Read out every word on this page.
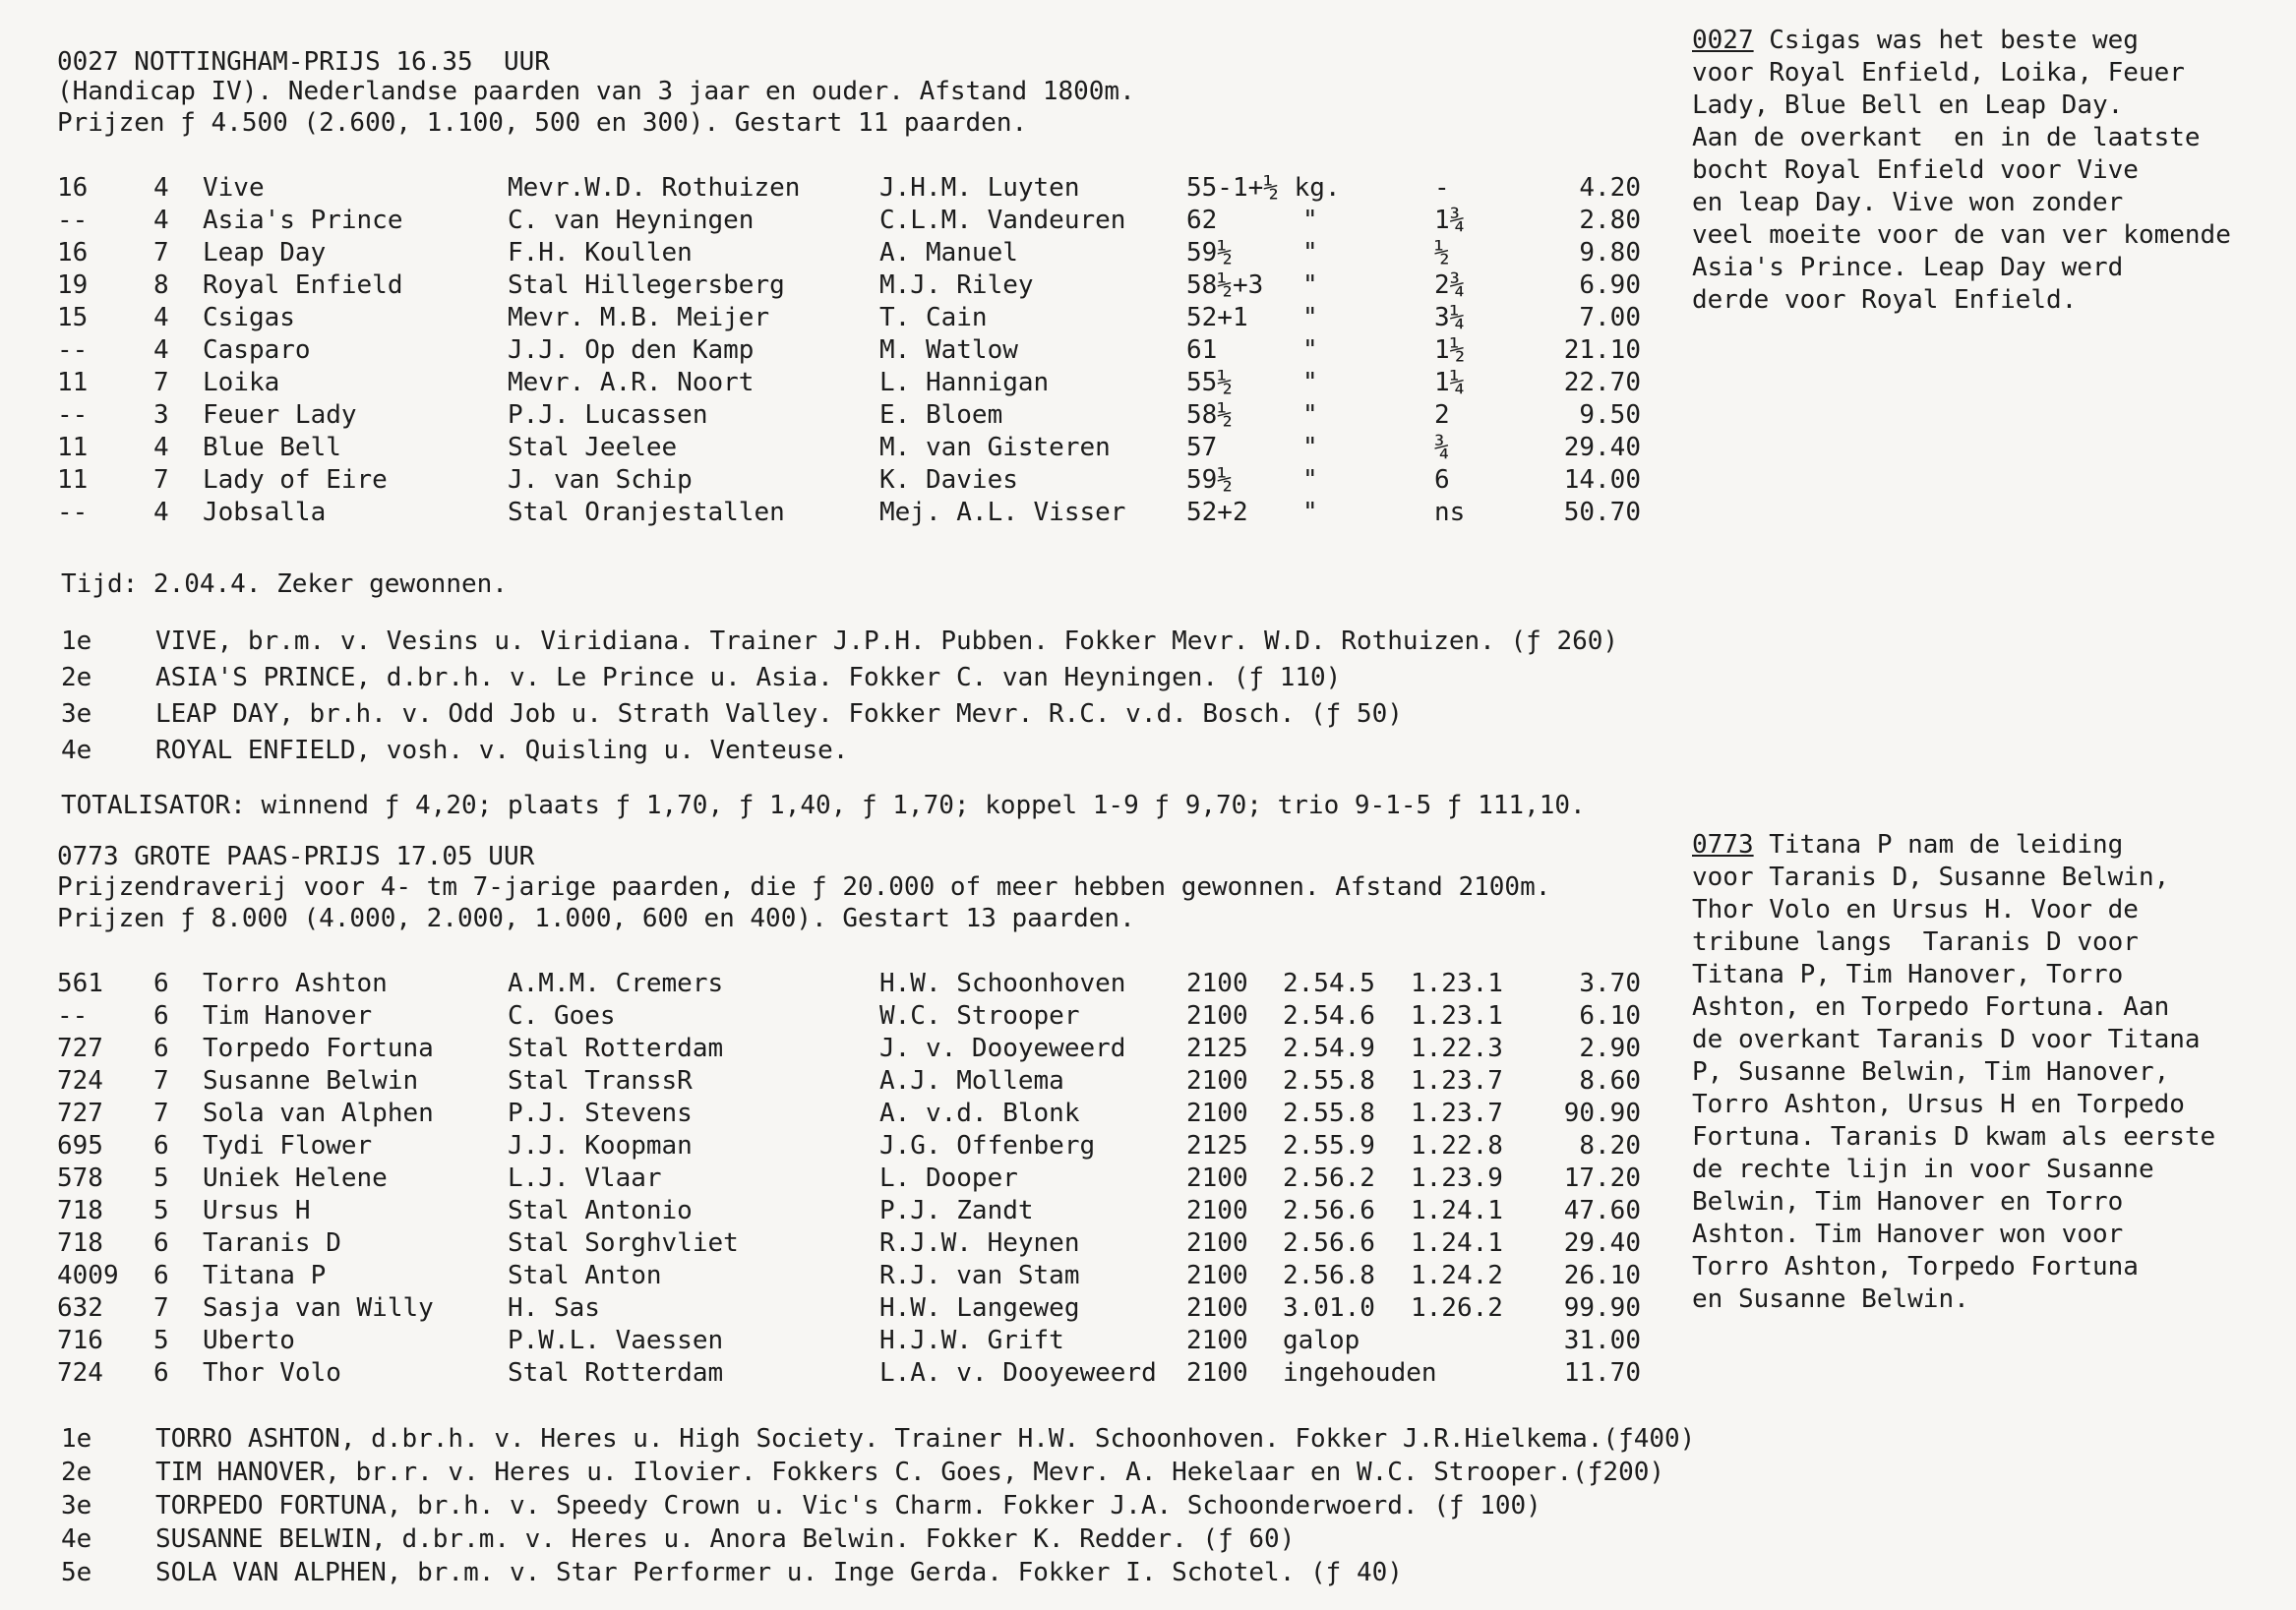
0027 NOTTINGHAM-PRIJS 16.35  UUR
(Handicap IV). Nederlandse paarden van 3 jaar en ouder. Afstand 1800m.
Prijzen ƒ 4.500 (2.600, 1.100, 500 en 300). Gestart 11 paarden.
16	4 Vive	Mevr.W.D. Rothuizen	J.H.M. Luyten	55-1+½ kg.	-	4.20
--	4 Asia's Prince	C. van Heyningen	C.L.M. Vandeuren 62	"	1¾	2.80
16	7 Leap Day	F.H. Koullen	A. Manuel	59½	"	½	9.80
19	8 Royal Enfield	Stal Hillegersberg	M.J. Riley	58½+3 "	2¾	6.90
15	4 Csigas	Mevr. M.B. Meijer	T. Cain	52+1 "	3¼	7.00
--	4 Casparo	J.J. Op den Kamp	M. Watlow	61	"	1½	21.10
11	7 Loika	Mevr. A.R. Noort	L. Hannigan	55½	"	1¼	22.70
--	3 Feuer Lady	P.J. Lucassen	E. Bloem	58½	"	2	9.50
11	4 Blue Bell	Stal Jeelee	M. van Gisteren	57	"	¾	29.40
11	7 Lady of Eire	J. van Schip	K. Davies	59½	"	6	14.00
--	4 Jobsalla	Stal Oranjestallen	Mej. A.L. Visser 52+2 "	ns	50.70
Tijd: 2.04.4. Zeker gewonnen.
1e VIVE, br.m. v. Vesins u. Viridiana. Trainer J.P.H. Pubben. Fokker Mevr. W.D. Rothuizen. (ƒ 260)
2e ASIA'S PRINCE, d.br.h. v. Le Prince u. Asia. Fokker C. van Heyningen. (ƒ 110)
3e LEAP DAY, br.h. v. Odd Job u. Strath Valley. Fokker Mevr. R.C. v.d. Bosch. (ƒ 50)
4e ROYAL ENFIELD, vosh. v. Quisling u. Venteuse.
TOTALISATOR: winnend ƒ 4,20; plaats ƒ 1,70, ƒ 1,40, ƒ 1,70; koppel 1-9 ƒ 9,70; trio 9-1-5 ƒ 111,10.
0027 Csigas was het beste weg
voor Royal Enfield, Loika, Feuer
Lady, Blue Bell en Leap Day.
Aan de overkant  en in de laatste
bocht Royal Enfield voor Vive
en leap Day. Vive won zonder
veel moeite voor de van ver komende
Asia's Prince. Leap Day werd
derde voor Royal Enfield.
0773 GROTE PAAS-PRIJS 17.05 UUR
Prijzendraverij voor 4- tm 7-jarige paarden, die ƒ 20.000 of meer hebben gewonnen. Afstand 2100m.
Prijzen ƒ 8.000 (4.000, 2.000, 1.000, 600 en 400). Gestart 13 paarden.
561 6 Torro Ashton	A.M.M. Cremers	H.W. Schoonhoven 2100 2.54.5 1.23.1	3.70
--	6 Tim Hanover	C. Goes	W.C. Strooper	2100 2.54.6 1.23.1	6.10
727 6 Torpedo Fortuna	Stal Rotterdam	J. v. Dooyeweerd 2125 2.54.9 1.22.3	2.90
724 7 Susanne Belwin	Stal TranssR	A.J. Mollema	2100 2.55.8 1.23.7	8.60
727 7 Sola van Alphen	P.J. Stevens	A. v.d. Blonk	2100 2.55.8 1.23.7 90.90
695 6 Tydi Flower	J.J. Koopman	J.G. Offenberg	2125 2.55.9 1.22.8	8.20
578 5 Uniek Helene	L.J. Vlaar	L. Dooper	2100 2.56.2 1.23.9 17.20
718 5 Ursus H	Stal Antonio	P.J. Zandt	2100 2.56.6 1.24.1 47.60
718 6 Taranis D	Stal Sorghvliet	R.J.W. Heynen	2100 2.56.6 1.24.1 29.40
4009 6 Titana P	Stal Anton	R.J. van Stam	2100 2.56.8 1.24.2 26.10
632 7 Sasja van Willy	H. Sas	H.W. Langeweg	2100 3.01.0 1.26.2 99.90
716 5 Uberto	P.W.L. Vaessen	H.J.W. Grift	2100 galop	31.00
724 6 Thor Volo	Stal Rotterdam	L.A. v. Dooyeweerd 2100 ingehouden	11.70
1e TORRO ASHTON, d.br.h. v. Heres u. High Society. Trainer H.W. Schoonhoven. Fokker J.R.Hielkema.(ƒ400)
2e TIM HANOVER, br.r. v. Heres u. Ilovier. Fokkers C. Goes, Mevr. A. Hekelaar en W.C. Strooper.(ƒ200)
3e TORPEDO FORTUNA, br.h. v. Speedy Crown u. Vic's Charm. Fokker J.A. Schoonderwoerd. (ƒ 100)
4e SUSANNE BELWIN, d.br.m. v. Heres u. Anora Belwin. Fokker K. Redder. (ƒ 60)
5e SOLA VAN ALPHEN, br.m. v. Star Performer u. Inge Gerda. Fokker I. Schotel. (ƒ 40)
0773 Titana P nam de leiding
voor Taranis D, Susanne Belwin,
Thor Volo en Ursus H. Voor de
tribune langs  Taranis D voor
Titana P, Tim Hanover, Torro
Ashton, en Torpedo Fortuna. Aan
de overkant Taranis D voor Titana
P, Susanne Belwin, Tim Hanover,
Torro Ashton, Ursus H en Torpedo
Fortuna. Taranis D kwam als eerste
de rechte lijn in voor Susanne
Belwin, Tim Hanover en Torro
Ashton. Tim Hanover won voor
Torro Ashton, Torpedo Fortuna
en Susanne Belwin.
